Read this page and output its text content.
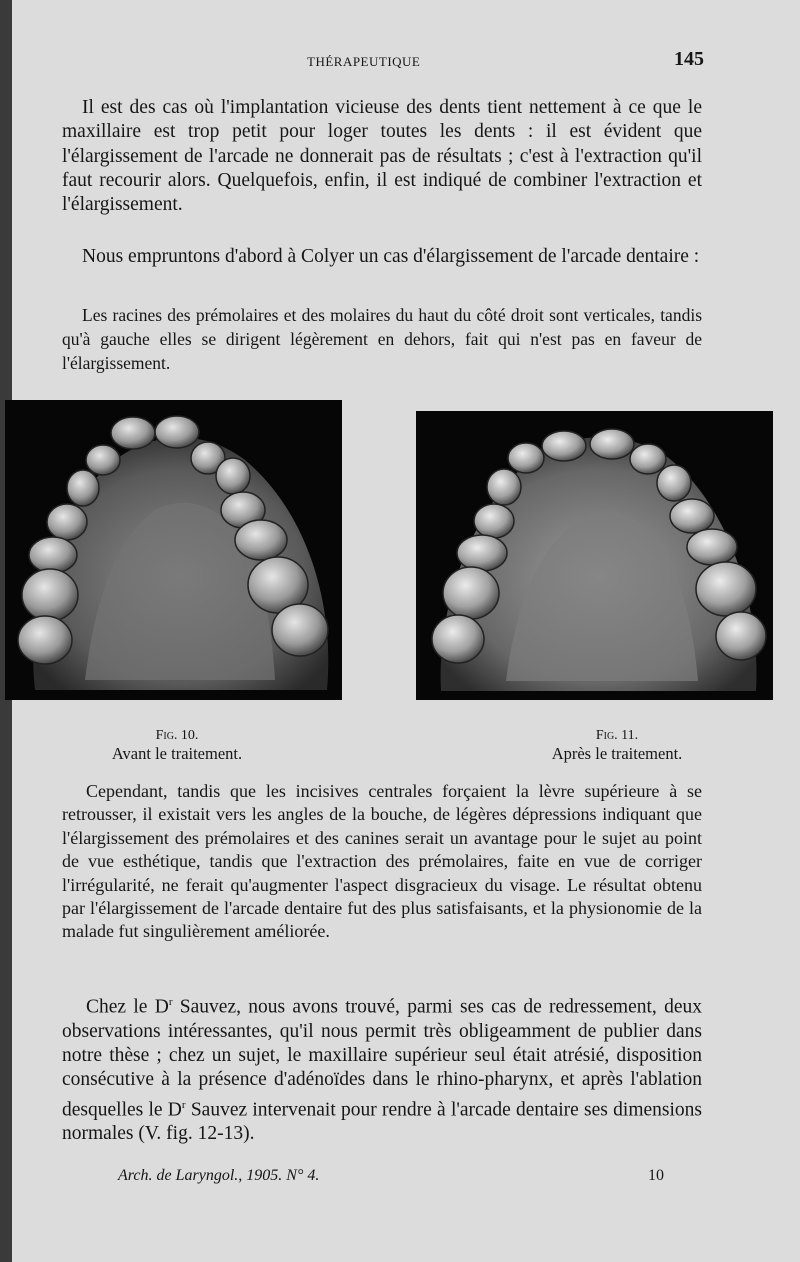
THÉRAPEUTIQUE	145

Il est des cas où l'implantation vicieuse des dents tient nettement à ce que le maxillaire est trop petit pour loger toutes les dents : il est évident que l'élargissement de l'arcade ne donnerait pas de résultats ; c'est à l'extraction qu'il faut recourir alors. Quelquefois, enfin, il est indiqué de combiner l'extraction et l'élargissement.

Nous empruntons d'abord à Colyer un cas d'élargissement de l'arcade dentaire :

Les racines des prémolaires et des molaires du haut du côté droit sont verticales, tandis qu'à gauche elles se dirigent légèrement en dehors, fait qui n'est pas en faveur de l'élargissement.

Fig. 10.
Avant le traitement.
Fig. 11.
Après le traitement.

Cependant, tandis que les incisives centrales forçaient la lèvre supérieure à se retrousser, il existait vers les angles de la bouche, de légères dépressions indiquant que l'élargissement des prémolaires et des canines serait un avantage pour le sujet au point de vue esthétique, tandis que l'extraction des prémolaires, faite en vue de corriger l'irrégularité, ne ferait qu'augmenter l'aspect disgracieux du visage. Le résultat obtenu par l'élargissement de l'arcade dentaire fut des plus satisfaisants, et la physionomie de la malade fut singulièrement améliorée.

Chez le $D^r$ Sauvez, nous avons trouvé, parmi ses cas de redressement, deux observations intéressantes, qu'il nous permit très obligeamment de publier dans notre thèse ; chez un sujet, le maxillaire supérieur seul était atrésié, disposition consécutive à la présence d'adénoïdes dans le rhino-pharynx, et après l'ablation desquelles le $D^r$ Sauvez intervenait pour rendre à l'arcade dentaire ses dimensions normales (V. fig. 12-13).

Arch. de Laryngol., 1905. N° 4.	10
